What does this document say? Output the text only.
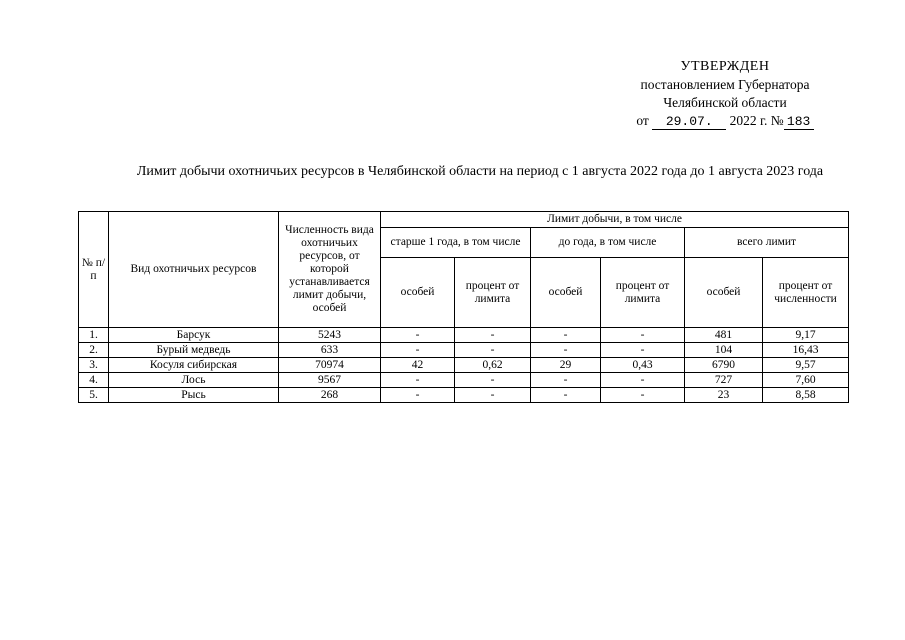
УТВЕРЖДЕН
постановлением Губернатора
Челябинской области
от 29.07. 2022 г. № 183
Лимит добычи охотничьих ресурсов в Челябинской области на период с 1 августа 2022 года до 1 августа 2023 года
№ п/п	Вид охотничьих ресурсов	Численность вида охотничьих ресурсов, от которой устанавливается лимит добычи, особей	Лимит добычи, в том числе					
			старше 1 года, в том числе		до года, в том числе		всего лимит	
			особей	процент от лимита	особей	процент от лимита	особей	процент от численности
1.	Барсук	5243	-	-	-	-	481	9,17
2.	Бурый медведь	633	-	-	-	-	104	16,43
3.	Косуля сибирская	70974	42	0,62	29	0,43	6790	9,57
4.	Лось	9567	-	-	-	-	727	7,60
5.	Рысь	268	-	-	-	-	23	8,58
